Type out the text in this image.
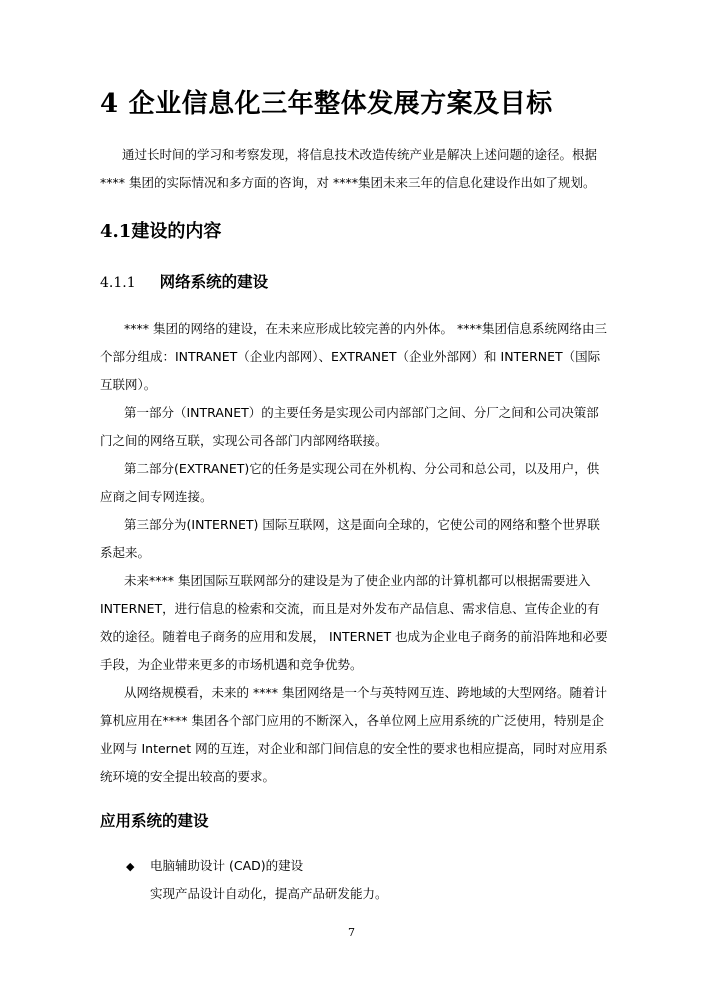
4 企业信息化三年整体发展方案及目标

通过长时间的学习和考察发现，将信息技术改造传统产业是解决上述问题的途径。根据

**** 集团的实际情况和多方面的咨询，对 ****集团未来三年的信息化建设作出如了规划。

4.1建设的内容
4.1.1 网络系统的建设

**** 集团的网络的建设，在未来应形成比较完善的内外体。 ****集团信息系统网络由三

个部分组成：INTRANET（企业内部网）、EXTRANET（企业外部网）和 INTERNET（国际

互联网）。

第一部分（INTRANET）的主要任务是实现公司内部部门之间、分厂之间和公司决策部

门之间的网络互联，实现公司各部门内部网络联接。

第二部分(EXTRANET)它的任务是实现公司在外机构、分公司和总公司，以及用户，供

应商之间专网连接。

第三部分为(INTERNET) 国际互联网，这是面向全球的，它使公司的网络和整个世界联

系起来。

未来**** 集团国际互联网部分的建设是为了使企业内部的计算机都可以根据需要进入

INTERNET，进行信息的检索和交流，而且是对外发布产品信息、需求信息、宣传企业的有

效的途径。随着电子商务的应用和发展， INTERNET 也成为企业电子商务的前沿阵地和必要

手段，为企业带来更多的市场机遇和竞争优势。

从网络规模看，未来的 **** 集团网络是一个与英特网互连、跨地域的大型网络。随着计

算机应用在**** 集团各个部门应用的不断深入，各单位网上应用系统的广泛使用，特别是企

业网与 Internet 网的互连，对企业和部门间信息的安全性的要求也相应提高，同时对应用系

统环境的安全提出较高的要求。

应用系统的建设
◆ 电脑辅助设计 (CAD)的建设

实现产品设计自动化，提高产品研发能力。

7
